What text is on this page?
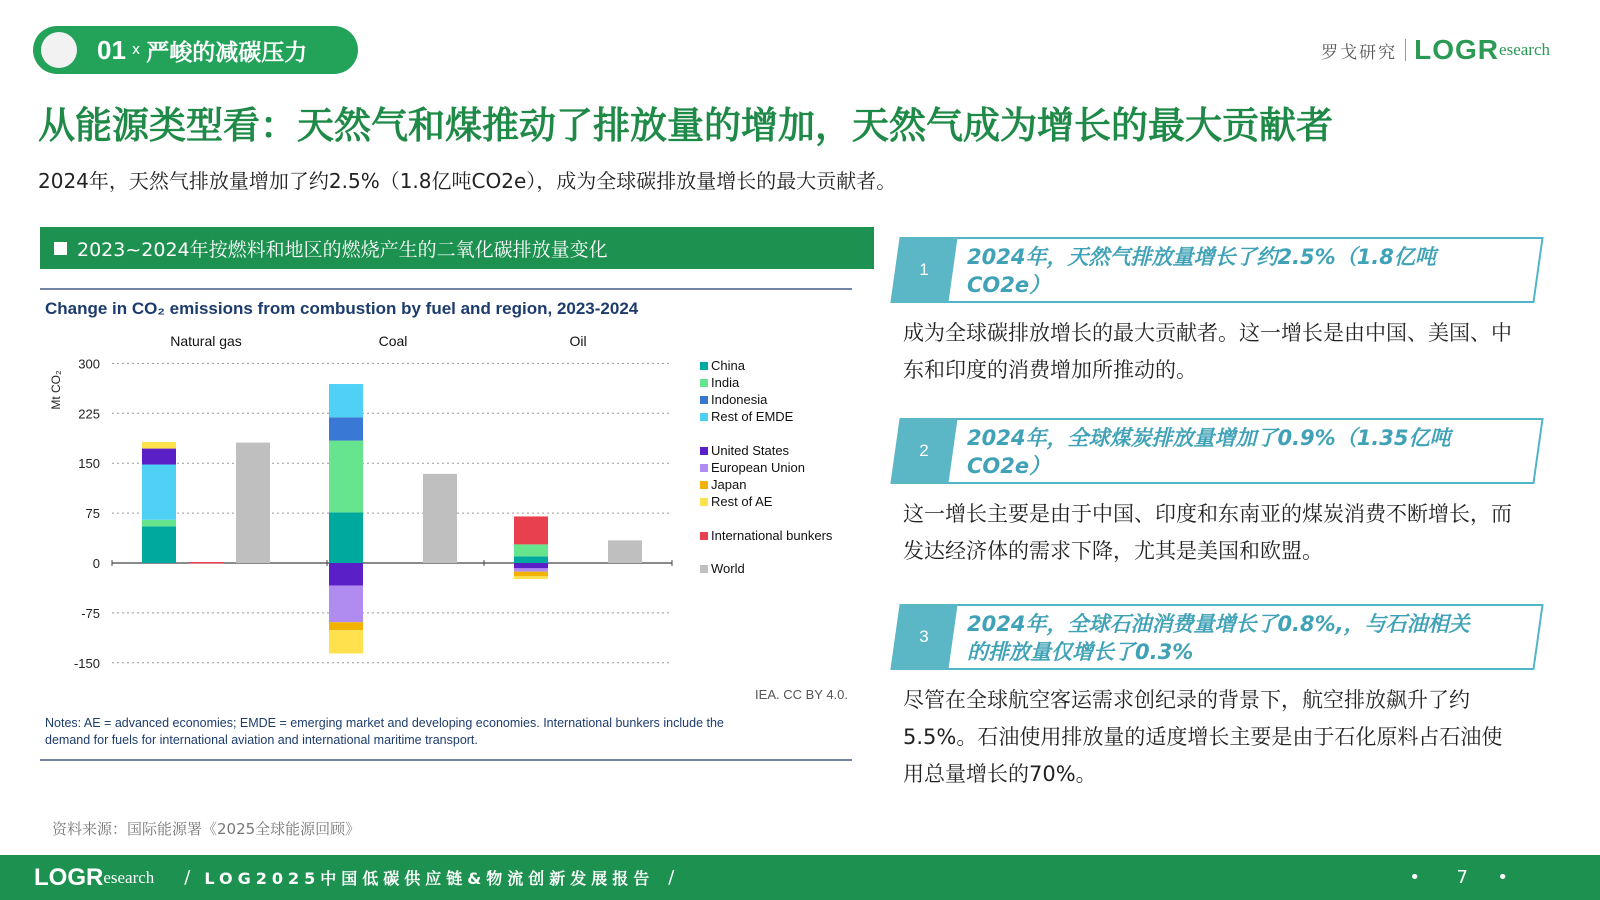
01 x 严峻的减碳压力	罗戈研究 LOGR esearch
从能源类型看：天然气和煤推动了排放量的增加，天然气成为增长的最大贡献者
2024年，天然气排放量增加了约2.5%（1.8亿吨CO2e），成为全球碳排放量增长的最大贡献者。
2023~2024年按燃料和地区的燃烧产生的二氧化碳排放量变化
Change in CO₂ emissions from combustion by fuel and region, 2023-2024
300
225
150
75
0
-75
-150
Mt CO₂
Natural gas	Coal	Oil
China
India
Indonesia
Rest of EMDE
United States
European Union
Japan
Rest of AE
International bunkers
World
IEA. CC BY 4.0.
Notes: AE = advanced economies; EMDE = emerging market and developing economies. International bunkers include the
demand for fuels for international aviation and international maritime transport.
资料来源：国际能源署《2025全球能源回顾》
1
2024年，天然气排放量增长了约2.5%（1.8亿吨CO2e）
成为全球碳排放增长的最大贡献者。这一增长是由中国、美国、中东和印度的消费增加所推动的。
2
2024年，全球煤炭排放量增加了0.9%（1.35亿吨CO2e）
这一增长主要是由于中国、印度和东南亚的煤炭消费不断增长，而发达经济体的需求下降，尤其是美国和欧盟。
3
2024年，全球石油消费量增长了0.8%,，与石油相关的排放量仅增长了0.3%
尽管在全球航空客运需求创纪录的背景下，航空排放飙升了约5.5%。石油使用排放量的适度增长主要是由于石化原料占石油使用总量增长的70%。
LOGR esearch / LOG2025中国低碳供应链&物流创新发展报告 /	• 7 •
